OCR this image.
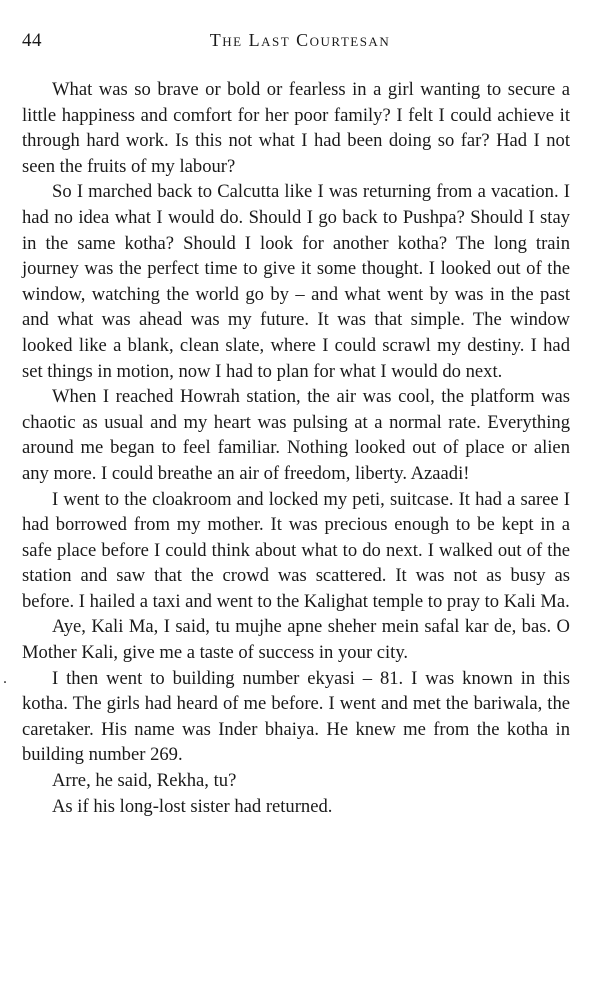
44	The Last Courtesan
.

What was so brave or bold or fearless in a girl wanting to secure a little happiness and comfort for her poor family? I felt I could achieve it through hard work. Is this not what I had been doing so far? Had I not seen the fruits of my labour?

So I marched back to Calcutta like I was returning from a vacation. I had no idea what I would do. Should I go back to Pushpa? Should I stay in the same kotha? Should I look for another kotha? The long train journey was the perfect time to give it some thought. I looked out of the window, watching the world go by – and what went by was in the past and what was ahead was my future. It was that simple. The window looked like a blank, clean slate, where I could scrawl my destiny. I had set things in motion, now I had to plan for what I would do next.

When I reached Howrah station, the air was cool, the platform was chaotic as usual and my heart was pulsing at a normal rate. Everything around me began to feel familiar. Nothing looked out of place or alien any more. I could breathe an air of freedom, liberty. Azaadi!

I went to the cloakroom and locked my peti, suitcase. It had a saree I had borrowed from my mother. It was precious enough to be kept in a safe place before I could think about what to do next. I walked out of the station and saw that the crowd was scattered. It was not as busy as before. I hailed a taxi and went to the Kalighat temple to pray to Kali Ma.

Aye, Kali Ma, I said, tu mujhe apne sheher mein safal kar de, bas. O Mother Kali, give me a taste of success in your city.

I then went to building number ekyasi – 81. I was known in this kotha. The girls had heard of me before. I went and met the bariwala, the caretaker. His name was Inder bhaiya. He knew me from the kotha in building number 269.

Arre, he said, Rekha, tu?

As if his long-lost sister had returned.
